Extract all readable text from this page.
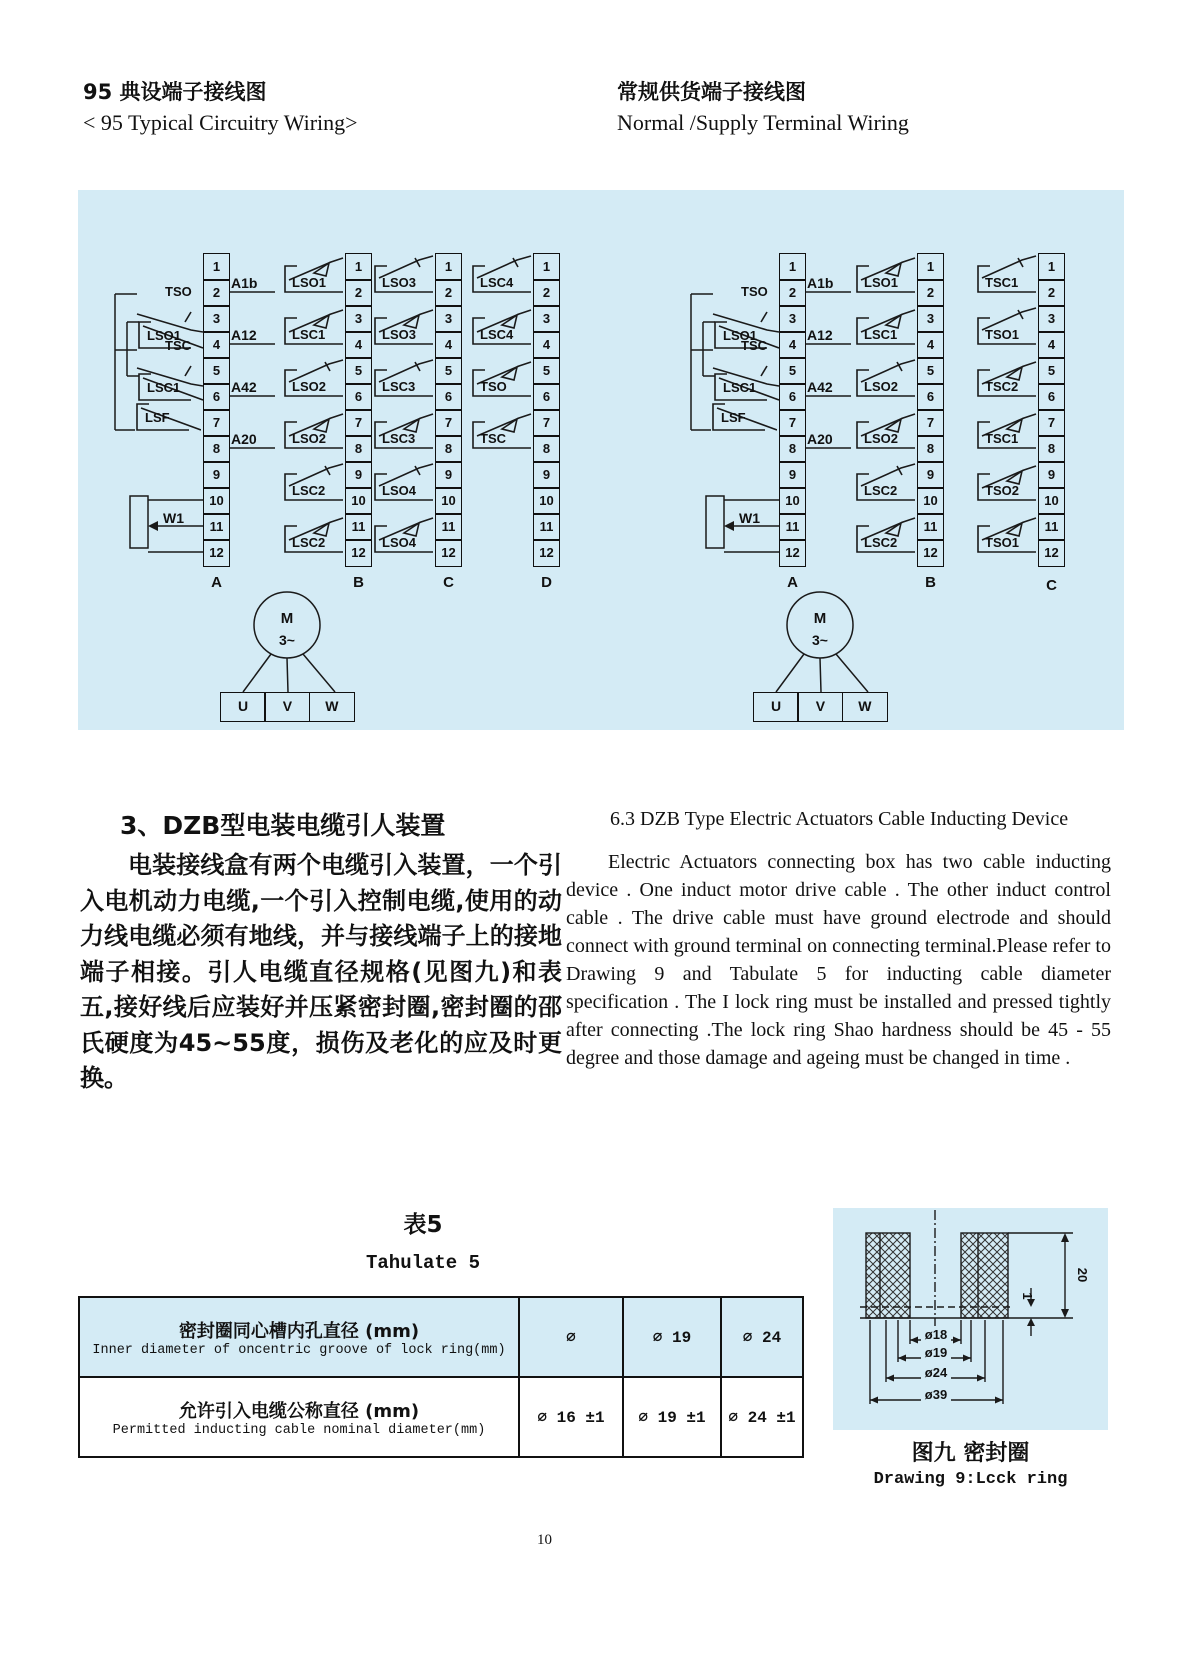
95 典设端子接线图
< 95 Typical Circuitry Wiring>
常规供货端子接线图
Normal /Supply Terminal Wiring
1
2
3
4
5
6
7
8
9
10
11
12
1
2
3
4
5
6
7
8
9
10
11
12
1
2
3
4
5
6
7
8
9
10
11
12
1
2
3
4
5
6
7
8
9
10
11
12
1
2
3
4
5
6
7
8
9
10
11
12
1
2
3
4
5
6
7
8
9
10
11
12
1
2
3
4
5
6
7
8
9
10
11
12
A	B	C	D	A	B	C
TSO
LSO1
TSC
LSC1
LSF
A1b
A12
A42
A20
W1
LSO1
LSC1
LSO2
LSO2
LSC2
LSC2
LSO3
LSO3
LSC3
LSC3
LSO4
LSO4
LSC4
LSC4
TSO
TSC
M
3~
U	V	W
TSO
LSO1
TSC
LSC1
LSF
A1b
A12
A42
A20
W1
LSO1
LSC1
LSO2
LSO2
LSC2
LSC2
TSC1
TSO1
TSC2
TSC1
TSO2
TSO1
M
3~
U	V	W
3、DZB型电装电缆引人装置
电装接线盒有两个电缆引入装置，一个引入电机动力电缆,一个引入控制电缆,使用的动力线电缆必须有地线，并与接线端子上的接地端子相接。引人电缆直径规格(见图九)和表五,接好线后应装好并压紧密封圈,密封圈的邵氏硬度为45~55度，损伤及老化的应及时更换。
6.3 DZB Type Electric Actuators Cable Inducting Device
Electric Actuators connecting box has two cable inducting device . One induct motor drive cable . The other induct control cable . The drive cable must have ground electrode and should connect with ground terminal on connecting terminal.Please refer to Drawing 9 and Tabulate 5 for inducting cable diameter specification . The I lock ring must be installed and pressed tightly after connecting .The lock ring Shao hardness should be 45 - 55 degree and those damage and ageing must be changed in time .
表5
Tahulate 5
密封圈同心槽内孔直径 (mm)
Inner diameter of oncentric groove of lock ring(mm)	∅	∅ 19	∅ 24

允许引入电缆公称直径 (mm)
Permitted inducting cable nominal diameter(mm)	∅ 16 ±1	∅ 19 ±1	∅ 24 ±1
ø18
ø19
ø24
ø39
20
1
图九 密封圈
Drawing 9:Lcck ring
10
